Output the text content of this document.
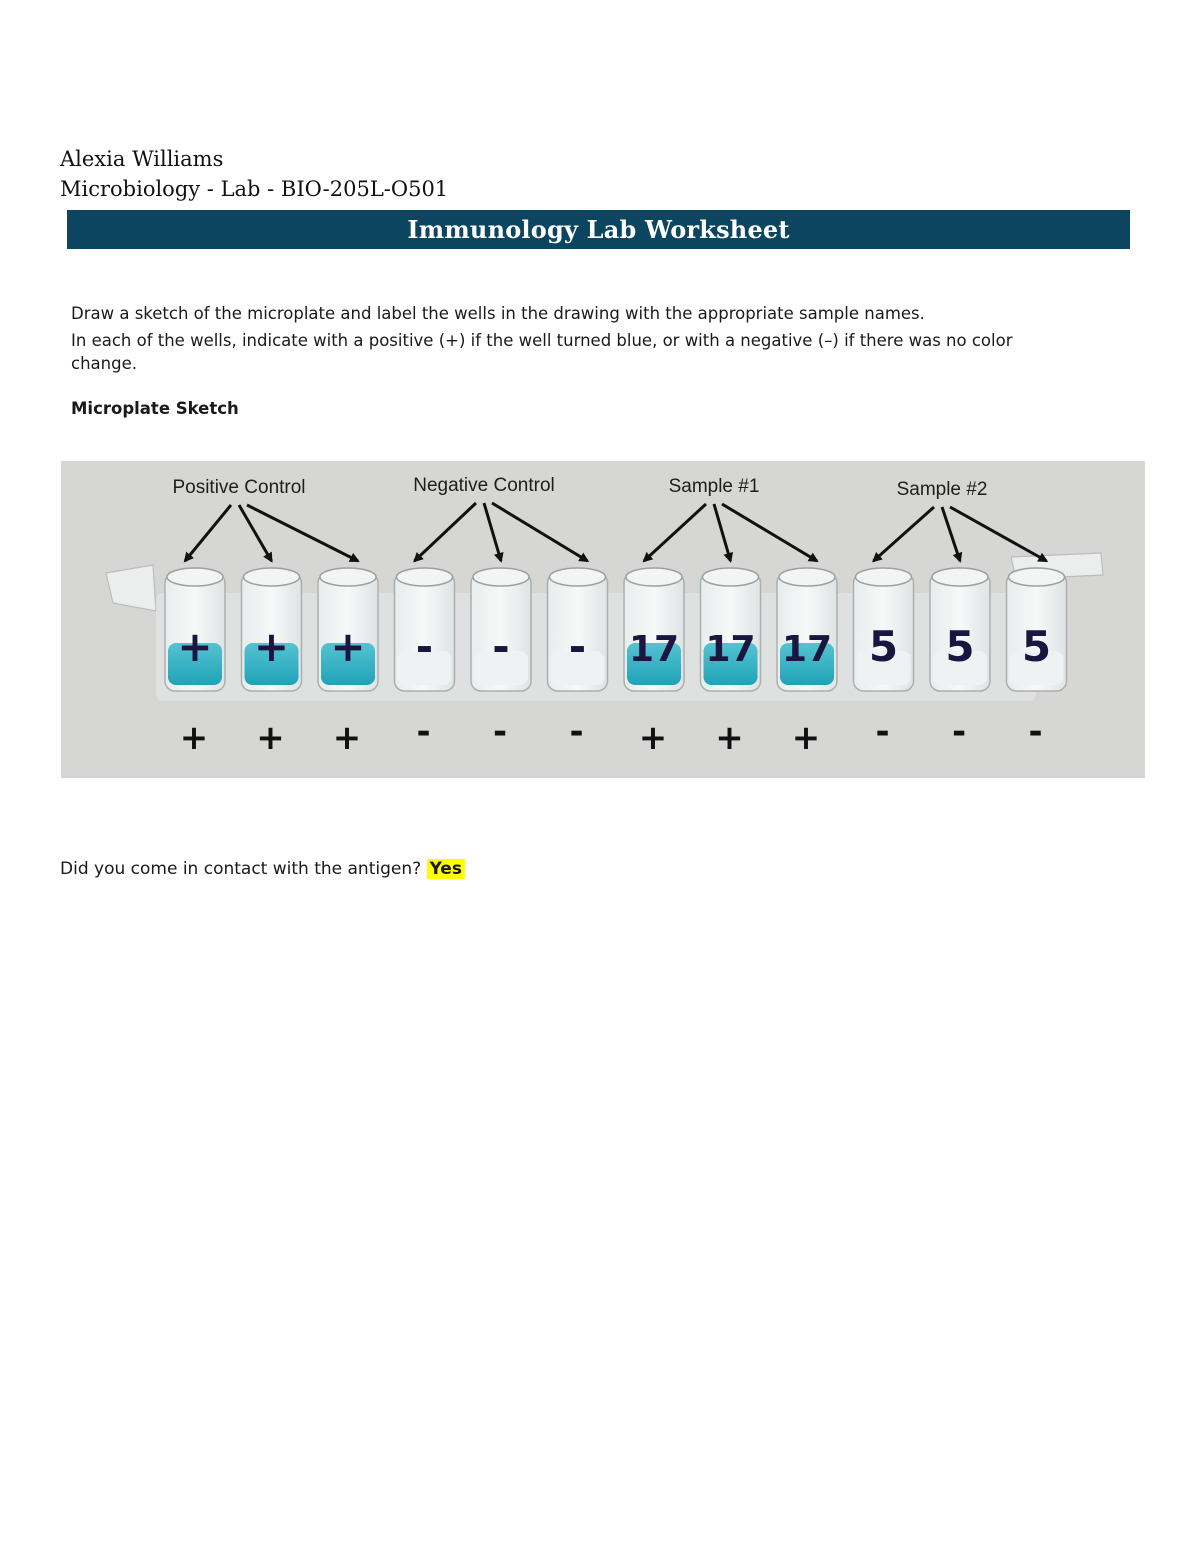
Alexia Williams
Microbiology - Lab - BIO-205L-O501
Immunology Lab Worksheet

Draw a sketch of the microplate and label the wells in the drawing with the appropriate sample names.

In each of the wells, indicate with a positive (+) if the well turned blue, or with a negative (–) if there was no color change.

Microplate Sketch
+ + + - - - 17 17 17 5 5 5
+ + + - - - + + + - - -
Positive Control	Negative Control	Sample #1	Sample #2
Did you come in contact with the antigen? Yes
